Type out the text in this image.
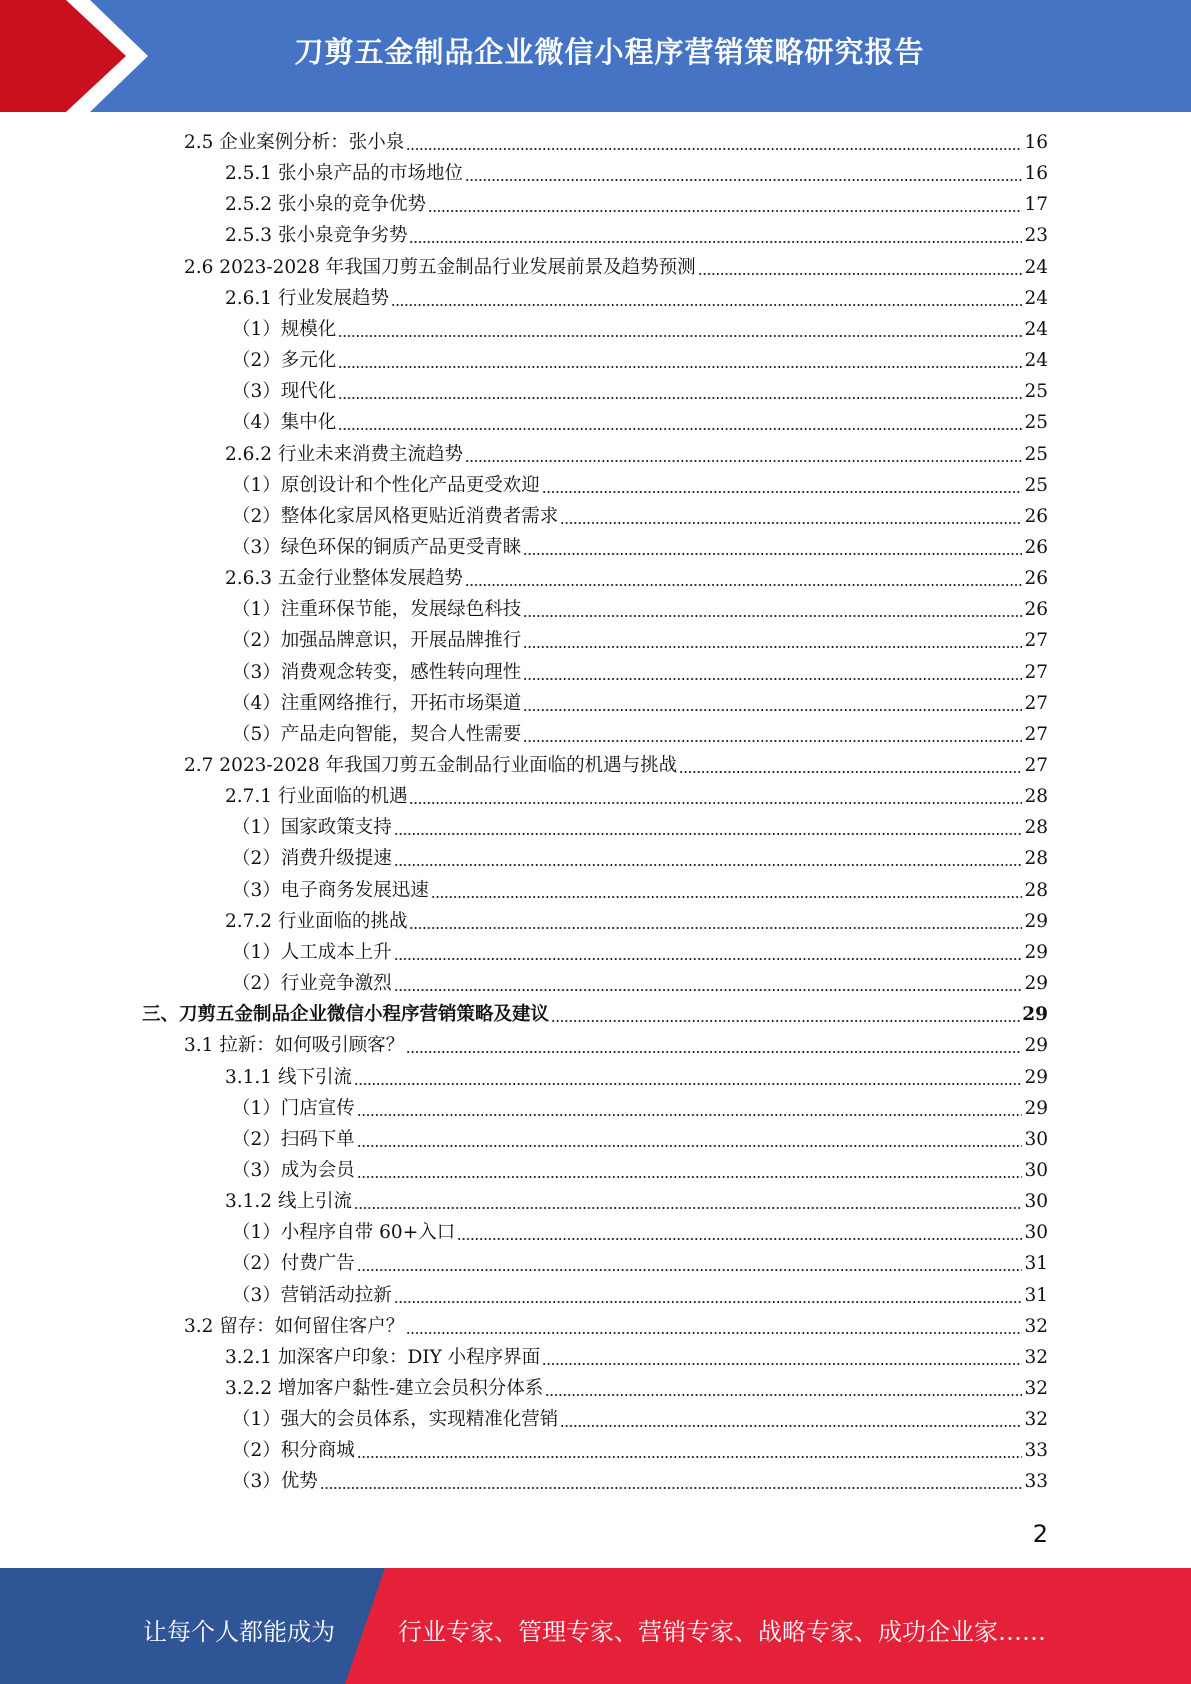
刀剪五金制品企业微信小程序营销策略研究报告
2.5 企业案例分析：张小泉	16
2.5.1 张小泉产品的市场地位	16
2.5.2 张小泉的竞争优势	17
2.5.3 张小泉竞争劣势	23
2.6 2023-2028 年我国刀剪五金制品行业发展前景及趋势预测	24
2.6.1 行业发展趋势	24
（1）规模化	24
（2）多元化	24
（3）现代化	25
（4）集中化	25
2.6.2 行业未来消费主流趋势	25
（1）原创设计和个性化产品更受欢迎	25
（2）整体化家居风格更贴近消费者需求	26
（3）绿色环保的铜质产品更受青睐	26
2.6.3 五金行业整体发展趋势	26
（1）注重环保节能，发展绿色科技	26
（2）加强品牌意识，开展品牌推行	27
（3）消费观念转变，感性转向理性	27
（4）注重网络推行，开拓市场渠道	27
（5）产品走向智能，契合人性需要	27
2.7 2023-2028 年我国刀剪五金制品行业面临的机遇与挑战	27
2.7.1 行业面临的机遇	28
（1）国家政策支持	28
（2）消费升级提速	28
（3）电子商务发展迅速	28
2.7.2 行业面临的挑战	29
（1）人工成本上升	29
（2）行业竞争激烈	29
三、刀剪五金制品企业微信小程序营销策略及建议	29
3.1 拉新：如何吸引顾客？	29
3.1.1 线下引流	29
（1）门店宣传	29
（2）扫码下单	30
（3）成为会员	30
3.1.2 线上引流	30
（1）小程序自带 60+入口	30
（2）付费广告	31
（3）营销活动拉新	31
3.2 留存：如何留住客户？	32
3.2.1 加深客户印象：DIY 小程序界面	32
3.2.2 增加客户黏性-建立会员积分体系	32
（1）强大的会员体系，实现精准化营销	32
（2）积分商城	33
（3）优势	33
2
让每个人都能成为	行业专家、管理专家、营销专家、战略专家、成功企业家……
